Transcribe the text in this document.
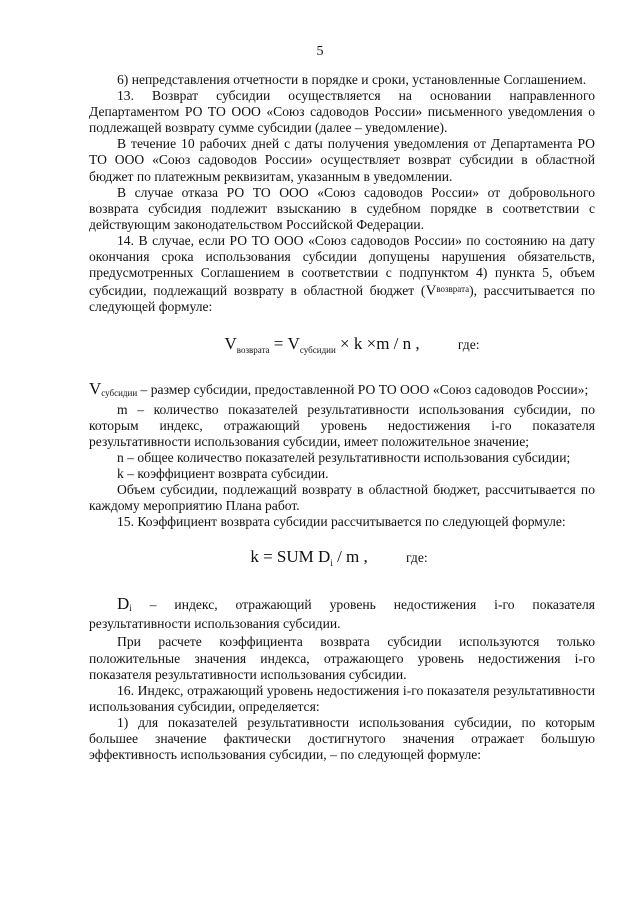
5

6) непредставления отчетности в порядке и сроки, установленные Соглашением.

13. Возврат субсидии осуществляется на основании направленного Департаментом РО ТО ООО «Союз садоводов России» письменного уведомления о подлежащей возврату сумме субсидии (далее – уведомление).

В течение 10 рабочих дней с даты получения уведомления от Департамента РО ТО ООО «Союз садоводов России» осуществляет возврат субсидии в областной бюджет по платежным реквизитам, указанным в уведомлении.

В случае отказа РО ТО ООО «Союз садоводов России» от добровольного возврата субсидия подлежит взысканию в судебном порядке в соответствии с действующим законодательством Российской Федерации.

14. В случае, если РО ТО ООО «Союз садоводов России» по состоянию на дату окончания срока использования субсидии допущены нарушения обязательств, предусмотренных Соглашением в соответствии с подпунктом 4) пункта 5, объем субсидии, подлежащий возврату в областной бюджет $(V^{возврата})$, рассчитывается по следующей формуле:

$V_{возврата} = V_{субсидии} \times k \times m / n$ ,	где:

Vсубсидии – размер субсидии, предоставленной РО ТО ООО «Союз садоводов России»;

m – количество показателей результативности использования субсидии, по которым индекс, отражающий уровень недостижения i-го показателя результативности использования субсидии, имеет положительное значение;

n – общее количество показателей результативности использования субсидии;

k – коэффициент возврата субсидии.

Объем субсидии, подлежащий возврату в областной бюджет, рассчитывается по каждому мероприятию Плана работ.

15. Коэффициент возврата субсидии рассчитывается по следующей формуле:

k = SUM $D_i$ / m ,	где:

Di – индекс, отражающий уровень недостижения i-го показателя результативности использования субсидии.

При расчете коэффициента возврата субсидии используются только положительные значения индекса, отражающего уровень недостижения i-го показателя результативности использования субсидии.

16. Индекс, отражающий уровень недостижения i-го показателя результативности использования субсидии, определяется:

1) для показателей результативности использования субсидии, по которым большее значение фактически достигнутого значения отражает большую эффективность использования субсидии, – по следующей формуле:
